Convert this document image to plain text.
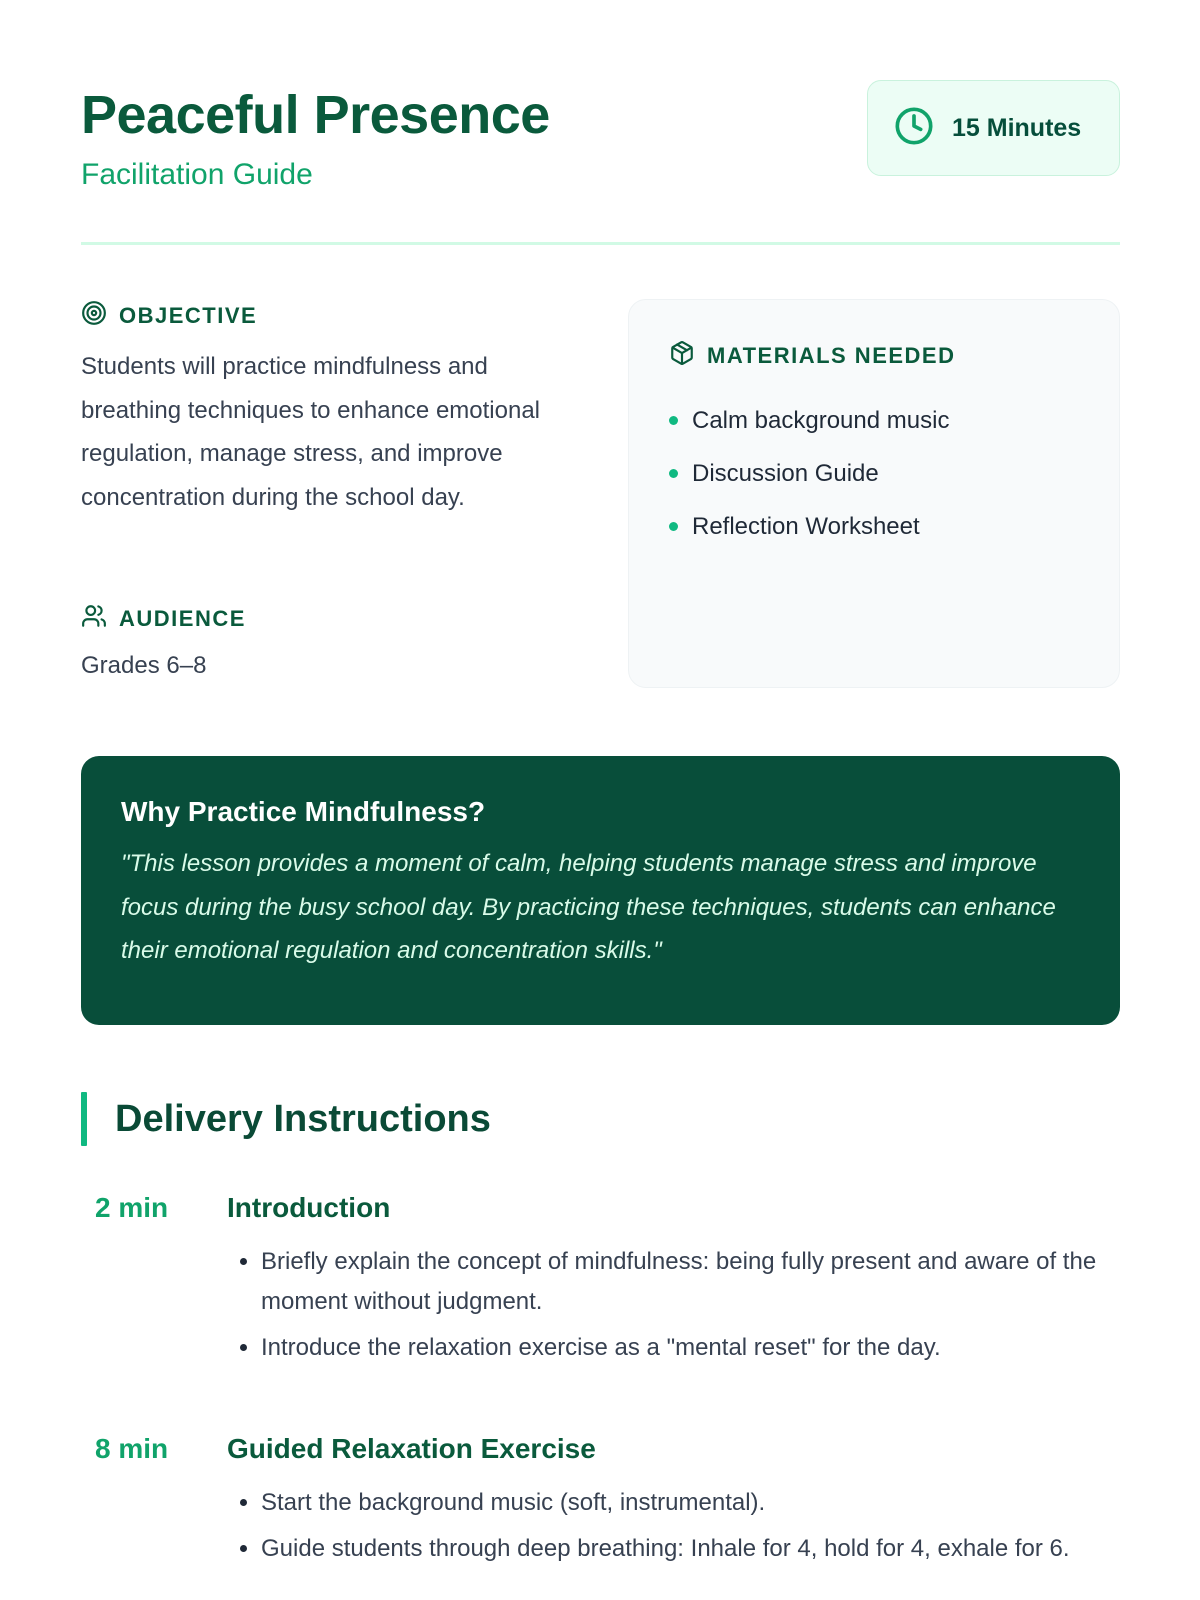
Peaceful Presence
Facilitation Guide
15 Minutes
OBJECTIVE

Students will practice mindfulness and breathing techniques to enhance emotional regulation, manage stress, and improve concentration during the school day.

AUDIENCE
Grades 6–8
MATERIALS NEEDED
Calm background music
Discussion Guide
Reflection Worksheet
Why Practice Mindfulness?

"This lesson provides a moment of calm, helping students manage stress and improve focus during the busy school day. By practicing these techniques, students can enhance their emotional regulation and concentration skills."

Delivery Instructions
2 min Introduction
• Briefly explain the concept of mindfulness: being fully present and aware of the moment without judgment.
• Introduce the relaxation exercise as a "mental reset" for the day.
8 min Guided Relaxation Exercise
• Start the background music (soft, instrumental).
• Guide students through deep breathing: Inhale for 4, hold for 4, exhale for 6.
